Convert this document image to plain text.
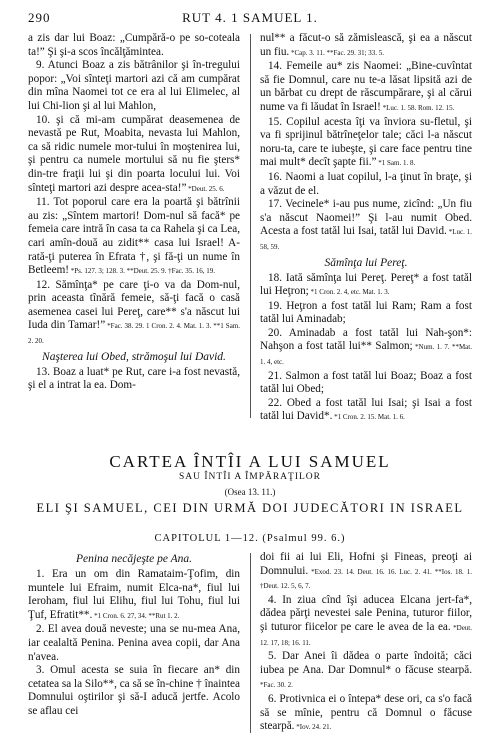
290	RUT 4. 1 SAMUEL 1.

a zis dar lui Boaz: „Cumpără-o pe so-coteala ta!” Şi şi-a scos încălţămintea.

9. Atunci Boaz a zis bătrânilor şi în-tregului popor: „Voi sînteţi martori azi că am cumpărat din mîna Naomei tot ce era al lui Elimelec, al lui Chi-lion şi al lui Mahlon,

10. şi că mi-am cumpărat deasemenea de nevastă pe Rut, Moabita, nevasta lui Mahlon, ca să ridic numele mor-tului în moştenirea lui, şi pentru ca numele mortului să nu fie şters* din-tre fraţii lui şi din poarta locului lui. Voi sînteţi martori azi despre acea-sta!” *Deut. 25. 6.

11. Tot poporul care era la poartă şi bătrînii au zis: „Sîntem martori! Dom-nul să facă* pe femeia care intră în casa ta ca Rahela şi ca Lea, cari amîn-două au zidit** casa lui Israel! A-rată-ţi puterea în Efrata †, şi fă-ţi un nume în Betleem! *Ps. 127. 3; 128. 3. **Deut. 25. 9. †Fac. 35. 16, 19.

12. Sămînţa* pe care ţi-o va da Dom-nul, prin aceasta tînără femeie, să-ţi facă o casă asemenea casei lui Pereţ, care** s'a născut lui Iuda din Tamar!” *Fac. 38. 29. 1 Cron. 2. 4. Mat. 1. 3. **1 Sam. 2. 20.

Naşterea lui Obed, strămoşul lui David.

13. Boaz a luat* pe Rut, care i-a fost nevastă, şi el a intrat la ea. Dom-

nul** a făcut-o să zămislească, şi ea a născut un fiu. *Cap. 3. 11. **Fac. 29. 31; 33. 5.

14. Femeile au* zis Naomei: „Bine-cuvîntat să fie Domnul, care nu te-a lăsat lipsită azi de un bărbat cu drept de răscumpărare, şi al cărui nume va fi lăudat în Israel! *Luc. 1. 58. Rom. 12. 15.

15. Copilul acesta îţi va înviora su-fletul, şi va fi sprijinul bătrîneţelor tale; căci l-a născut noru-ta, care te iubeşte, şi care face pentru tine mai mult* decît şapte fii.” *1 Sam. 1. 8.

16. Naomi a luat copilul, l-a ţinut în braţe, şi a văzut de el.

17. Vecinele* i-au pus nume, zicînd: „Un fiu s'a născut Naomei!” Şi l-au numit Obed. Acesta a fost tatăl lui Isai, tatăl lui David. *Luc. 1. 58, 59.

Sămînţa lui Pereţ.

18. Iată sămînţa lui Pereţ. Pereţ* a fost tatăl lui Heţron; *1 Cron. 2. 4, etc. Mat. 1. 3.

19. Heţron a fost tatăl lui Ram; Ram a fost tatăl lui Aminadab;

20. Aminadab a fost tatăl lui Nah-şon*: Nahşon a fost tatăl lui** Salmon; *Num. 1. 7. **Mat. 1. 4, etc.

21. Salmon a fost tatăl lui Boaz; Boaz a fost tatăl lui Obed;

22. Obed a fost tatăl lui Isai; şi Isai a fost tatăl lui David*. *1 Cron. 2. 15. Mat. 1. 6.

CARTEA ÎNTÎI A LUI SAMUEL
SAU ÎNTÎI A ÎMPĂRAŢILOR
(Osea 13. 11.)
ELI ŞI SAMUEL, CEI DIN URMĂ DOI JUDECĂTORI IN ISRAEL
CAPITOLUL 1—12. (Psalmul 99. 6.)
Penina necăjeşte pe Ana.

1. Era un om din Ramataim-Ţofim, din muntele lui Efraim, numit Elca-na*, fiul lui Ieroham, fiul lui Elihu, fiul lui Tohu, fiul lui Ţuf, Efratit**. *1 Cron. 6. 27, 34. **Rut 1. 2.

2. El avea două neveste; una se nu-mea Ana, iar cealaltă Penina. Penina avea copii, dar Ana n'avea.

3. Omul acesta se suia în fiecare an* din cetatea sa la Silo**, ca să se în-chine † înaintea Domnului oştirilor şi să-I aducă jertfe. Acolo se aflau cei

doi fii ai lui Eli, Hofni şi Fineas, preoţi ai Domnului. *Exod. 23. 14. Deut. 16. 16. Luc. 2. 41. **Ios. 18. 1. †Deut. 12. 5, 6, 7.

4. In ziua cînd îşi aducea Elcana jert-fa*, dădea părţi nevestei sale Penina, tuturor fiilor, şi tuturor fiicelor pe care le avea de la ea. *Deut. 12. 17, 18; 16. 11.

5. Dar Anei îi dădea o parte îndoită; căci iubea pe Ana. Dar Domnul* o făcuse stearpă. *Fac. 30. 2.

6. Protivnica ei o întepa* dese ori, ca s'o facă să se mînie, pentru că Domnul o făcuse stearpă. *Iov. 24. 21.
